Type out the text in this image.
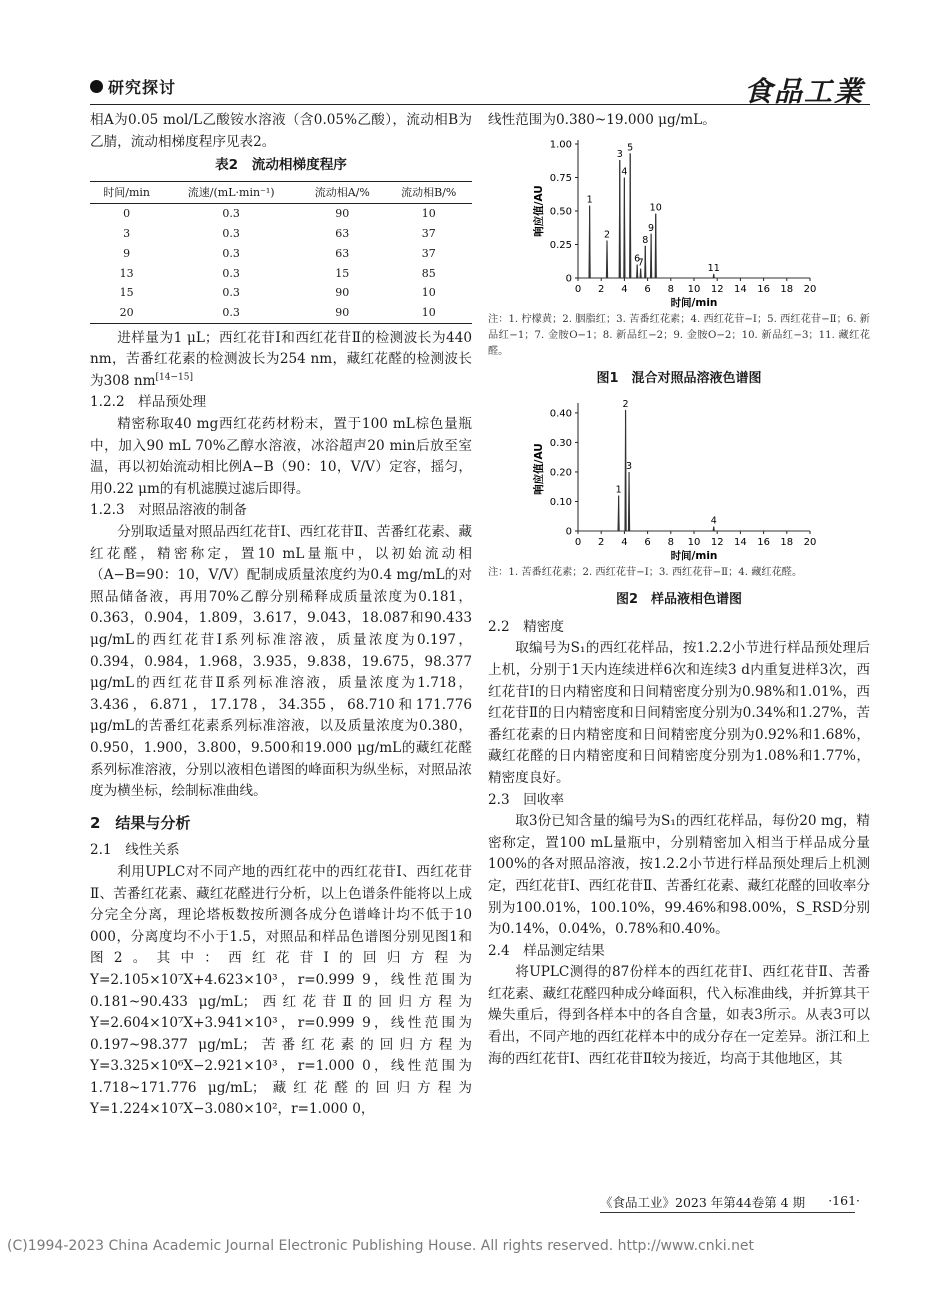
研究探讨	食品工業

相A为0.05 mol/L乙酸铵水溶液（含0.05%乙酸），流动相B为乙腈，流动相梯度程序见表2。

表2　流动相梯度程序
时间/min	流速/(mL·min⁻¹)	流动相A/%	流动相B/%
0	0.3	90	10
3	0.3	63	37
9	0.3	63	37
13	0.3	15	85
15	0.3	90	10
20	0.3	90	10

进样量为1 μL；西红花苷Ⅰ和西红花苷Ⅱ的检测波长为440 nm，苦番红花素的检测波长为254 nm，藏红花醛的检测波长为308 nm[14−15]

1.2.2　样品预处理

精密称取40 mg西红花药材粉末，置于100 mL棕色量瓶中，加入90 mL 70%乙醇水溶液，冰浴超声20 min后放至室温，再以初始流动相比例A−B（90：10，V/V）定容，摇匀，用0.22 μm的有机滤膜过滤后即得。

1.2.3　对照品溶液的制备

分别取适量对照品西红花苷Ⅰ、西红花苷Ⅱ、苦番红花素、藏红花醛，精密称定，置10 mL量瓶中，以初始流动相（A−B=90：10，V/V）配制成质量浓度约为0.4 mg/mL的对照品储备液，再用70%乙醇分别稀释成质量浓度为0.181，0.363，0.904，1.809，3.617，9.043，18.087和90.433 μg/mL的西红花苷Ⅰ系列标准溶液，质量浓度为0.197，0.394，0.984，1.968，3.935，9.838，19.675，98.377 μg/mL的西红花苷Ⅱ系列标准溶液，质量浓度为1.718，3.436，6.871，17.178，34.355，68.710和171.776 μg/mL的苦番红花素系列标准溶液，以及质量浓度为0.380，0.950，1.900，3.800，9.500和19.000 μg/mL的藏红花醛系列标准溶液，分别以液相色谱图的峰面积为纵坐标，对照品浓度为横坐标，绘制标准曲线。

2　结果与分析

2.1　线性关系

利用UPLC对不同产地的西红花中的西红花苷Ⅰ、西红花苷Ⅱ、苦番红花素、藏红花醛进行分析，以上色谱条件能将以上成分完全分离，理论塔板数按所测各成分色谱峰计均不低于10 000，分离度均不小于1.5，对照品和样品色谱图分别见图1和图2。其中：西红花苷Ⅰ的回归方程为Y=2.105×10⁷X+4.623×10³，r=0.999 9，线性范围为0.181~90.433 μg/mL；西红花苷Ⅱ的回归方程为Y=2.604×10⁷X+3.941×10³，r=0.999 9，线性范围为0.197~98.377 μg/mL；苦番红花素的回归方程为Y=3.325×10⁶X−2.921×10³，r=1.000 0，线性范围为1.718~171.776 μg/mL；藏红花醛的回归方程为Y=1.224×10⁷X−3.080×10²，r=1.000 0，

线性范围为0.380~19.000 μg/mL。

0 2 4 6 8 10 12 14 16 18 20
0
0.25
0.50
0.75
1.00
时间/min
响应值/AU	1
2
3
4
5
6
7
8
9
10
11

注：1. 柠檬黄；2. 胭脂红；3. 苦番红花素；4. 西红花苷−Ⅰ；5. 西红花苷−Ⅱ；6. 新品红−1；7. 金胺O−1；8. 新品红−2；9. 金胺O−2；10. 新品红−3；11. 藏红花醛。

图1　混合对照品溶液色谱图
0 2 4 6 8 10 12 14 16 18 20
0
0.10
0.20
0.30
0.40
时间/min
响应值/AU	1
2
3
4

注：1. 苦番红花素；2. 西红花苷−Ⅰ；3. 西红花苷−Ⅱ；4. 藏红花醛。

图2　样品液相色谱图

2.2　精密度

取编号为S₁的西红花样品，按1.2.2小节进行样品预处理后上机，分别于1天内连续进样6次和连续3 d内重复进样3次，西红花苷Ⅰ的日内精密度和日间精密度分别为0.98%和1.01%，西红花苷Ⅱ的日内精密度和日间精密度分别为0.34%和1.27%，苦番红花素的日内精密度和日间精密度分别为0.92%和1.68%，藏红花醛的日内精密度和日间精密度分别为1.08%和1.77%，精密度良好。

2.3　回收率

取3份已知含量的编号为S₁的西红花样品，每份20 mg，精密称定，置100 mL量瓶中，分别精密加入相当于样品成分量100%的各对照品溶液，按1.2.2小节进行样品预处理后上机测定，西红花苷Ⅰ、西红花苷Ⅱ、苦番红花素、藏红花醛的回收率分别为100.01%，100.10%，99.46%和98.00%，S_RSD分别为0.14%，0.04%，0.78%和0.40%。

2.4　样品测定结果

将UPLC测得的87份样本的西红花苷Ⅰ、西红花苷Ⅱ、苦番红花素、藏红花醛四种成分峰面积，代入标准曲线，并折算其干燥失重后，得到各样本中的各自含量，如表3所示。从表3可以看出，不同产地的西红花样本中的成分存在一定差异。浙江和上海的西红花苷Ⅰ、西红花苷Ⅱ较为接近，均高于其他地区，其

《食品工业》2023 年第44卷第 4 期 ·161·
(C)1994-2023 China Academic Journal Electronic Publishing House. All rights reserved. http://www.cnki.net
